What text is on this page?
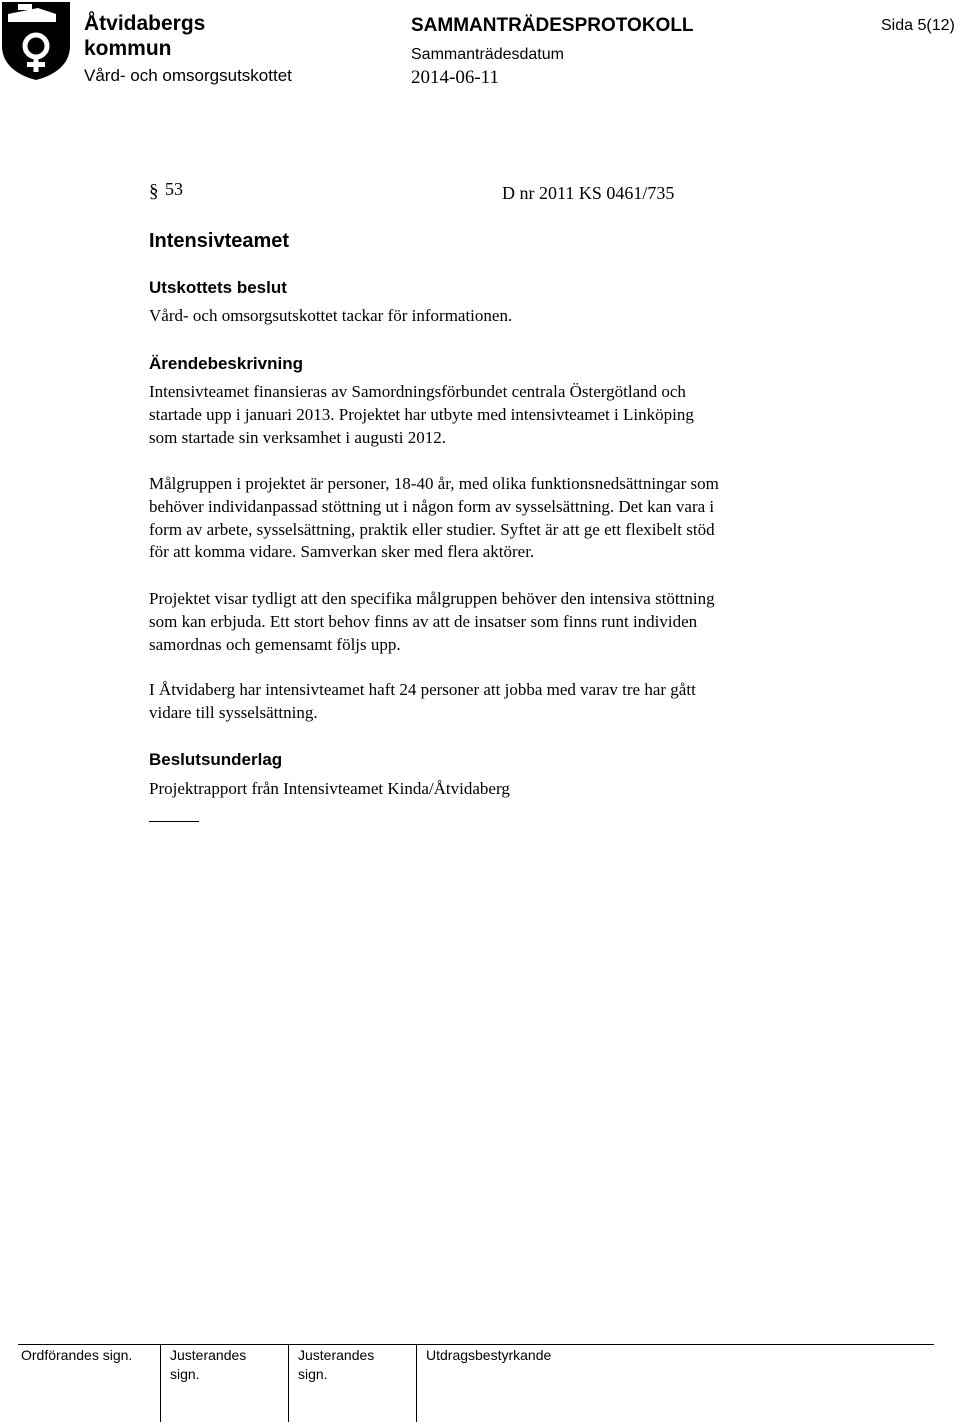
Åtvidabergs
kommun
Vård- och omsorgsutskottet
SAMMANTRÄDESPROTOKOLL
Sammanträdesdatum
2014-06-11
Sida 5(12)
§ 53	D nr 2011 KS 0461/735
Intensivteamet
Utskottets beslut
Vård- och omsorgsutskottet tackar för informationen.
Ärendebeskrivning
Intensivteamet finansieras av Samordningsförbundet centrala Östergötland och
startade upp i januari 2013. Projektet har utbyte med intensivteamet i Linköping
som startade sin verksamhet i augusti 2012.
Målgruppen i projektet är personer, 18-40 år, med olika funktionsnedsättningar som
behöver individanpassad stöttning ut i någon form av sysselsättning. Det kan vara i
form av arbete, sysselsättning, praktik eller studier. Syftet är att ge ett flexibelt stöd
för att komma vidare. Samverkan sker med flera aktörer.
Projektet visar tydligt att den specifika målgruppen behöver den intensiva stöttning
som kan erbjuda. Ett stort behov finns av att de insatser som finns runt individen
samordnas och gemensamt följs upp.
I Åtvidaberg har intensivteamet haft 24 personer att jobba med varav tre har gått
vidare till sysselsättning.
Beslutsunderlag
Projektrapport från Intensivteamet Kinda/Åtvidaberg
Ordförandes sign.	Justerandes
sign.
Justerandes
sign.
Utdragsbestyrkande
